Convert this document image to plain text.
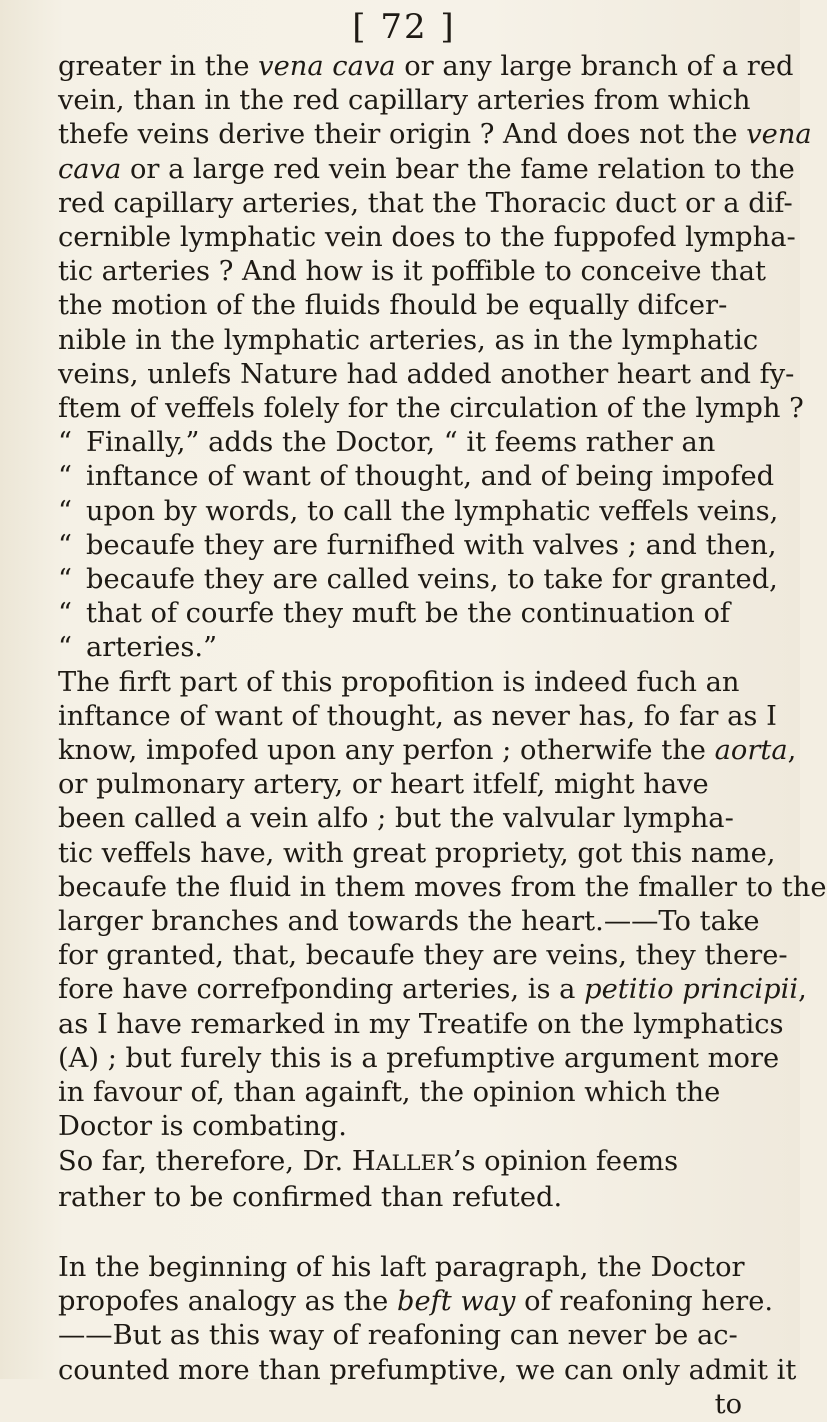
[ 72 ]
greater in the vena cava or any large branch of a red
vein, than in the red capillary arteries from which
thefe veins derive their origin ? And does not the vena
cava or a large red vein bear the fame relation to the
red capillary arteries, that the Thoracic duct or a dif-
cernible lymphatic vein does to the fuppofed lympha-
tic arteries ? And how is it poffible to conceive that
the motion of the fluids fhould be equally difcer-
nible in the lymphatic arteries, as in the lymphatic
veins, unlefs Nature had added another heart and fy-
ftem of veffels folely for the circulation of the lymph ?
“ Finally,” adds the Doctor, “ it feems rather an
“ inftance of want of thought, and of being impofed
“ upon by words, to call the lymphatic veffels veins,
“ becaufe they are furnifhed with valves ; and then,
“ becaufe they are called veins, to take for granted,
“ that of courfe they muft be the continuation of
“ arteries.”
The firft part of this propofition is indeed fuch an
inftance of want of thought, as never has, fo far as I
know, impofed upon any perfon ; otherwife the aorta,
or pulmonary artery, or heart itfelf, might have
been called a vein alfo ; but the valvular lympha-
tic veffels have, with great propriety, got this name,
becaufe the fluid in them moves from the fmaller to the
larger branches and towards the heart.——To take
for granted, that, becaufe they are veins, they there-
fore have correfponding arteries, is a petitio principii,
as I have remarked in my Treatife on the lymphatics
(A) ; but furely this is a prefumptive argument more
in favour of, than againft, the opinion which the
Doctor is combating.
So far, therefore, Dr. HALLER’s opinion feems
rather to be confirmed than refuted.
In the beginning of his laft paragraph, the Doctor
propofes analogy as the beft way of reafoning here.
——But as this way of reafoning can never be ac-
counted more than prefumptive, we can only admit it
to
